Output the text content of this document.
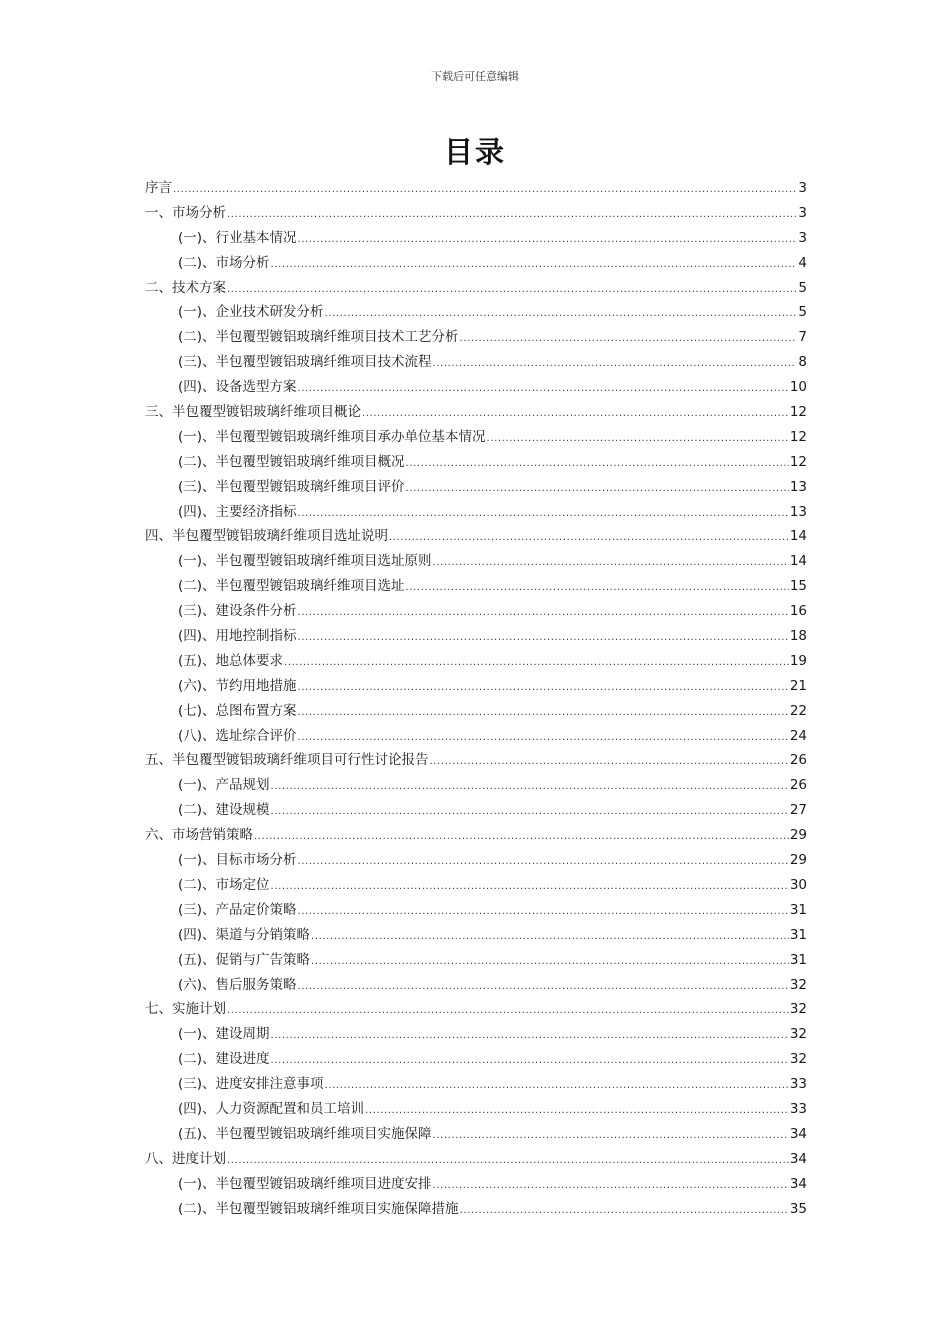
下载后可任意编辑
目录
序言 .....	3
一、市场分析 .....	3
(一)、行业基本情况 .....	3
(二)、市场分析 .....	4
二、技术方案 .....	5
(一)、企业技术研发分析 .....	5
(二)、半包覆型镀铝玻璃纤维项目技术工艺分析 .....	7
(三)、半包覆型镀铝玻璃纤维项目技术流程 .....	8
(四)、设备选型方案 .....	10
三、半包覆型镀铝玻璃纤维项目概论 .....	12
(一)、半包覆型镀铝玻璃纤维项目承办单位基本情况 .....	12
(二)、半包覆型镀铝玻璃纤维项目概况 .....	12
(三)、半包覆型镀铝玻璃纤维项目评价 .....	13
(四)、主要经济指标 .....	13
四、半包覆型镀铝玻璃纤维项目选址说明 .....	14
(一)、半包覆型镀铝玻璃纤维项目选址原则 .....	14
(二)、半包覆型镀铝玻璃纤维项目选址 .....	15
(三)、建设条件分析 .....	16
(四)、用地控制指标 .....	18
(五)、地总体要求 .....	19
(六)、节约用地措施 .....	21
(七)、总图布置方案 .....	22
(八)、选址综合评价 .....	24
五、半包覆型镀铝玻璃纤维项目可行性讨论报告 .....	26
(一)、产品规划 .....	26
(二)、建设规模 .....	27
六、市场营销策略 .....	29
(一)、目标市场分析 .....	29
(二)、市场定位 .....	30
(三)、产品定价策略 .....	31
(四)、渠道与分销策略 .....	31
(五)、促销与广告策略 .....	31
(六)、售后服务策略 .....	32
七、实施计划 .....	32
(一)、建设周期 .....	32
(二)、建设进度 .....	32
(三)、进度安排注意事项 .....	33
(四)、人力资源配置和员工培训 .....	33
(五)、半包覆型镀铝玻璃纤维项目实施保障 .....	34
八、进度计划 .....	34
(一)、半包覆型镀铝玻璃纤维项目进度安排 .....	34
(二)、半包覆型镀铝玻璃纤维项目实施保障措施 .....	35
